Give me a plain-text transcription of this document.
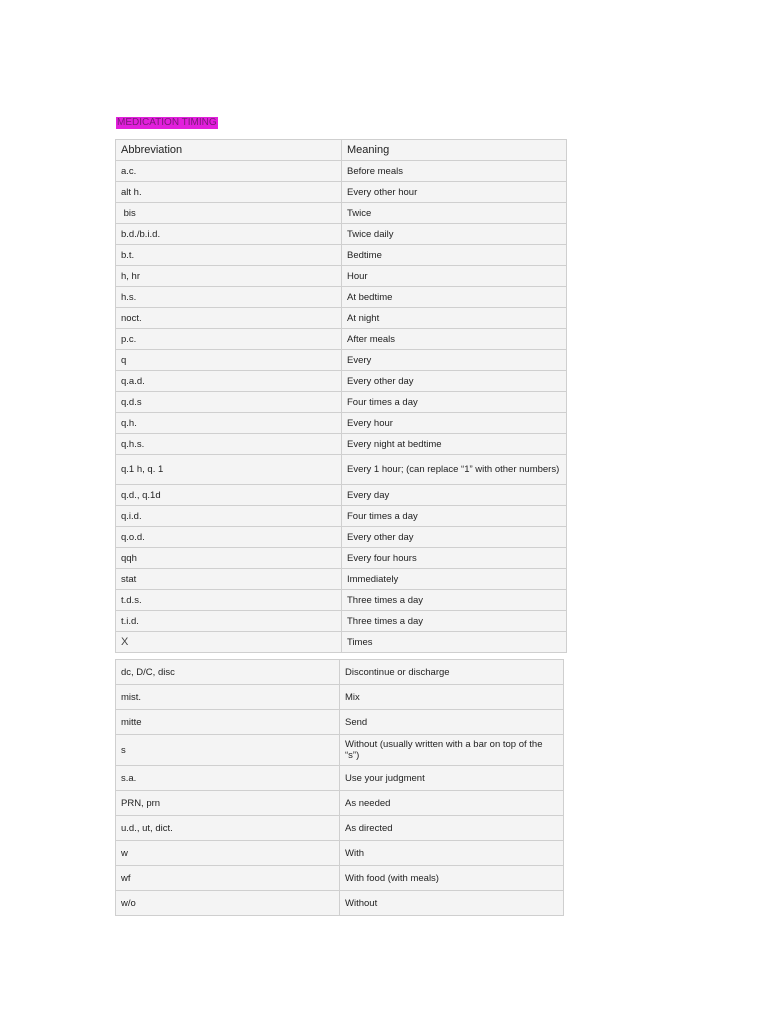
MEDICATION TIMING
Abbreviation	Meaning
a.c.	Before meals
alt h.	Every other hour
bis	Twice
b.d./b.i.d.	Twice daily
b.t.	Bedtime
h, hr	Hour
h.s.	At bedtime
noct.	At night
p.c.	After meals
q	Every
q.a.d.	Every other day
q.d.s	Four times a day
q.h.	Every hour
q.h.s.	Every night at bedtime
q.1 h, q. 1	Every 1 hour; (can replace “1” with other numbers)
q.d., q.1d	Every day
q.i.d.	Four times a day
q.o.d.	Every other day
qqh	Every four hours
stat	Immediately
t.d.s.	Three times a day
t.i.d.	Three times a day
X	Times
dc, D/C, disc	Discontinue or discharge
mist.	Mix
mitte	Send
s	Without (usually written with a bar on top of the “s”)
s.a.	Use your judgment
PRN, prn	As needed
u.d., ut, dict.	As directed
w	With
wf	With food (with meals)
w/o	Without
